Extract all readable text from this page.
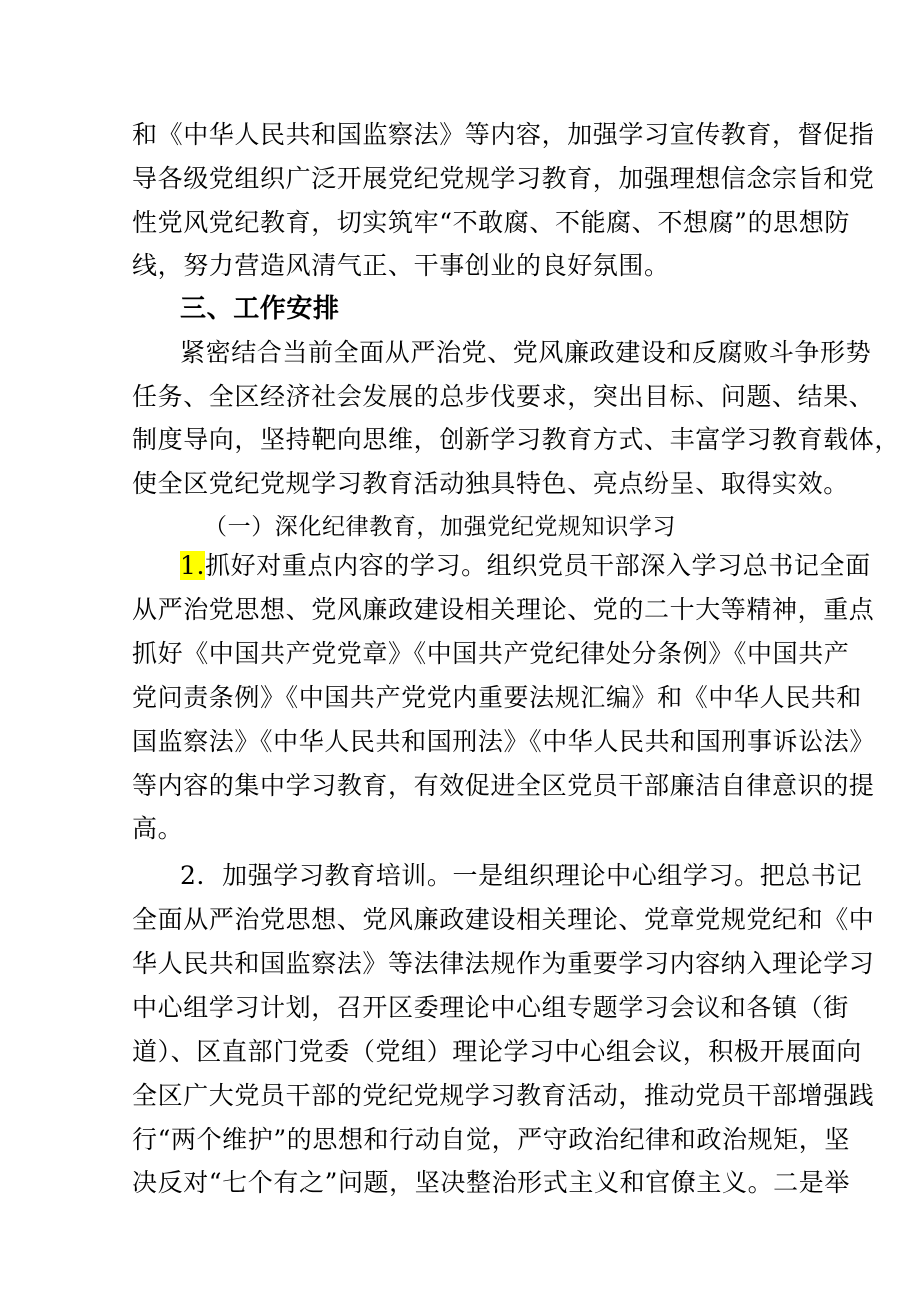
和《中华人民共和国监察法》等内容，加强学习宣传教育，督促指
导各级党组织广泛开展党纪党规学习教育，加强理想信念宗旨和党
性党风党纪教育，切实筑牢“不敢腐、不能腐、不想腐”的思想防
线，努力营造风清气正、干事创业的良好氛围。
三、工作安排
紧密结合当前全面从严治党、党风廉政建设和反腐败斗争形势
任务、全区经济社会发展的总步伐要求，突出目标、问题、结果、
制度导向，坚持靶向思维，创新学习教育方式、丰富学习教育载体，
使全区党纪党规学习教育活动独具特色、亮点纷呈、取得实效。
（一）深化纪律教育，加强党纪党规知识学习
1.抓好对重点内容的学习。组织党员干部深入学习总书记全面
从严治党思想、党风廉政建设相关理论、党的二十大等精神，重点
抓好《中国共产党党章》《中国共产党纪律处分条例》《中国共产
党问责条例》《中国共产党党内重要法规汇编》和《中华人民共和
国监察法》《中华人民共和国刑法》《中华人民共和国刑事诉讼法》
等内容的集中学习教育，有效促进全区党员干部廉洁自律意识的提
高。
2．加强学习教育培训。一是组织理论中心组学习。把总书记
全面从严治党思想、党风廉政建设相关理论、党章党规党纪和《中
华人民共和国监察法》等法律法规作为重要学习内容纳入理论学习
中心组学习计划，召开区委理论中心组专题学习会议和各镇（街
道）、区直部门党委（党组）理论学习中心组会议，积极开展面向
全区广大党员干部的党纪党规学习教育活动，推动党员干部增强践
行“两个维护”的思想和行动自觉，严守政治纪律和政治规矩，坚
决反对“七个有之”问题，坚决整治形式主义和官僚主义。二是举
